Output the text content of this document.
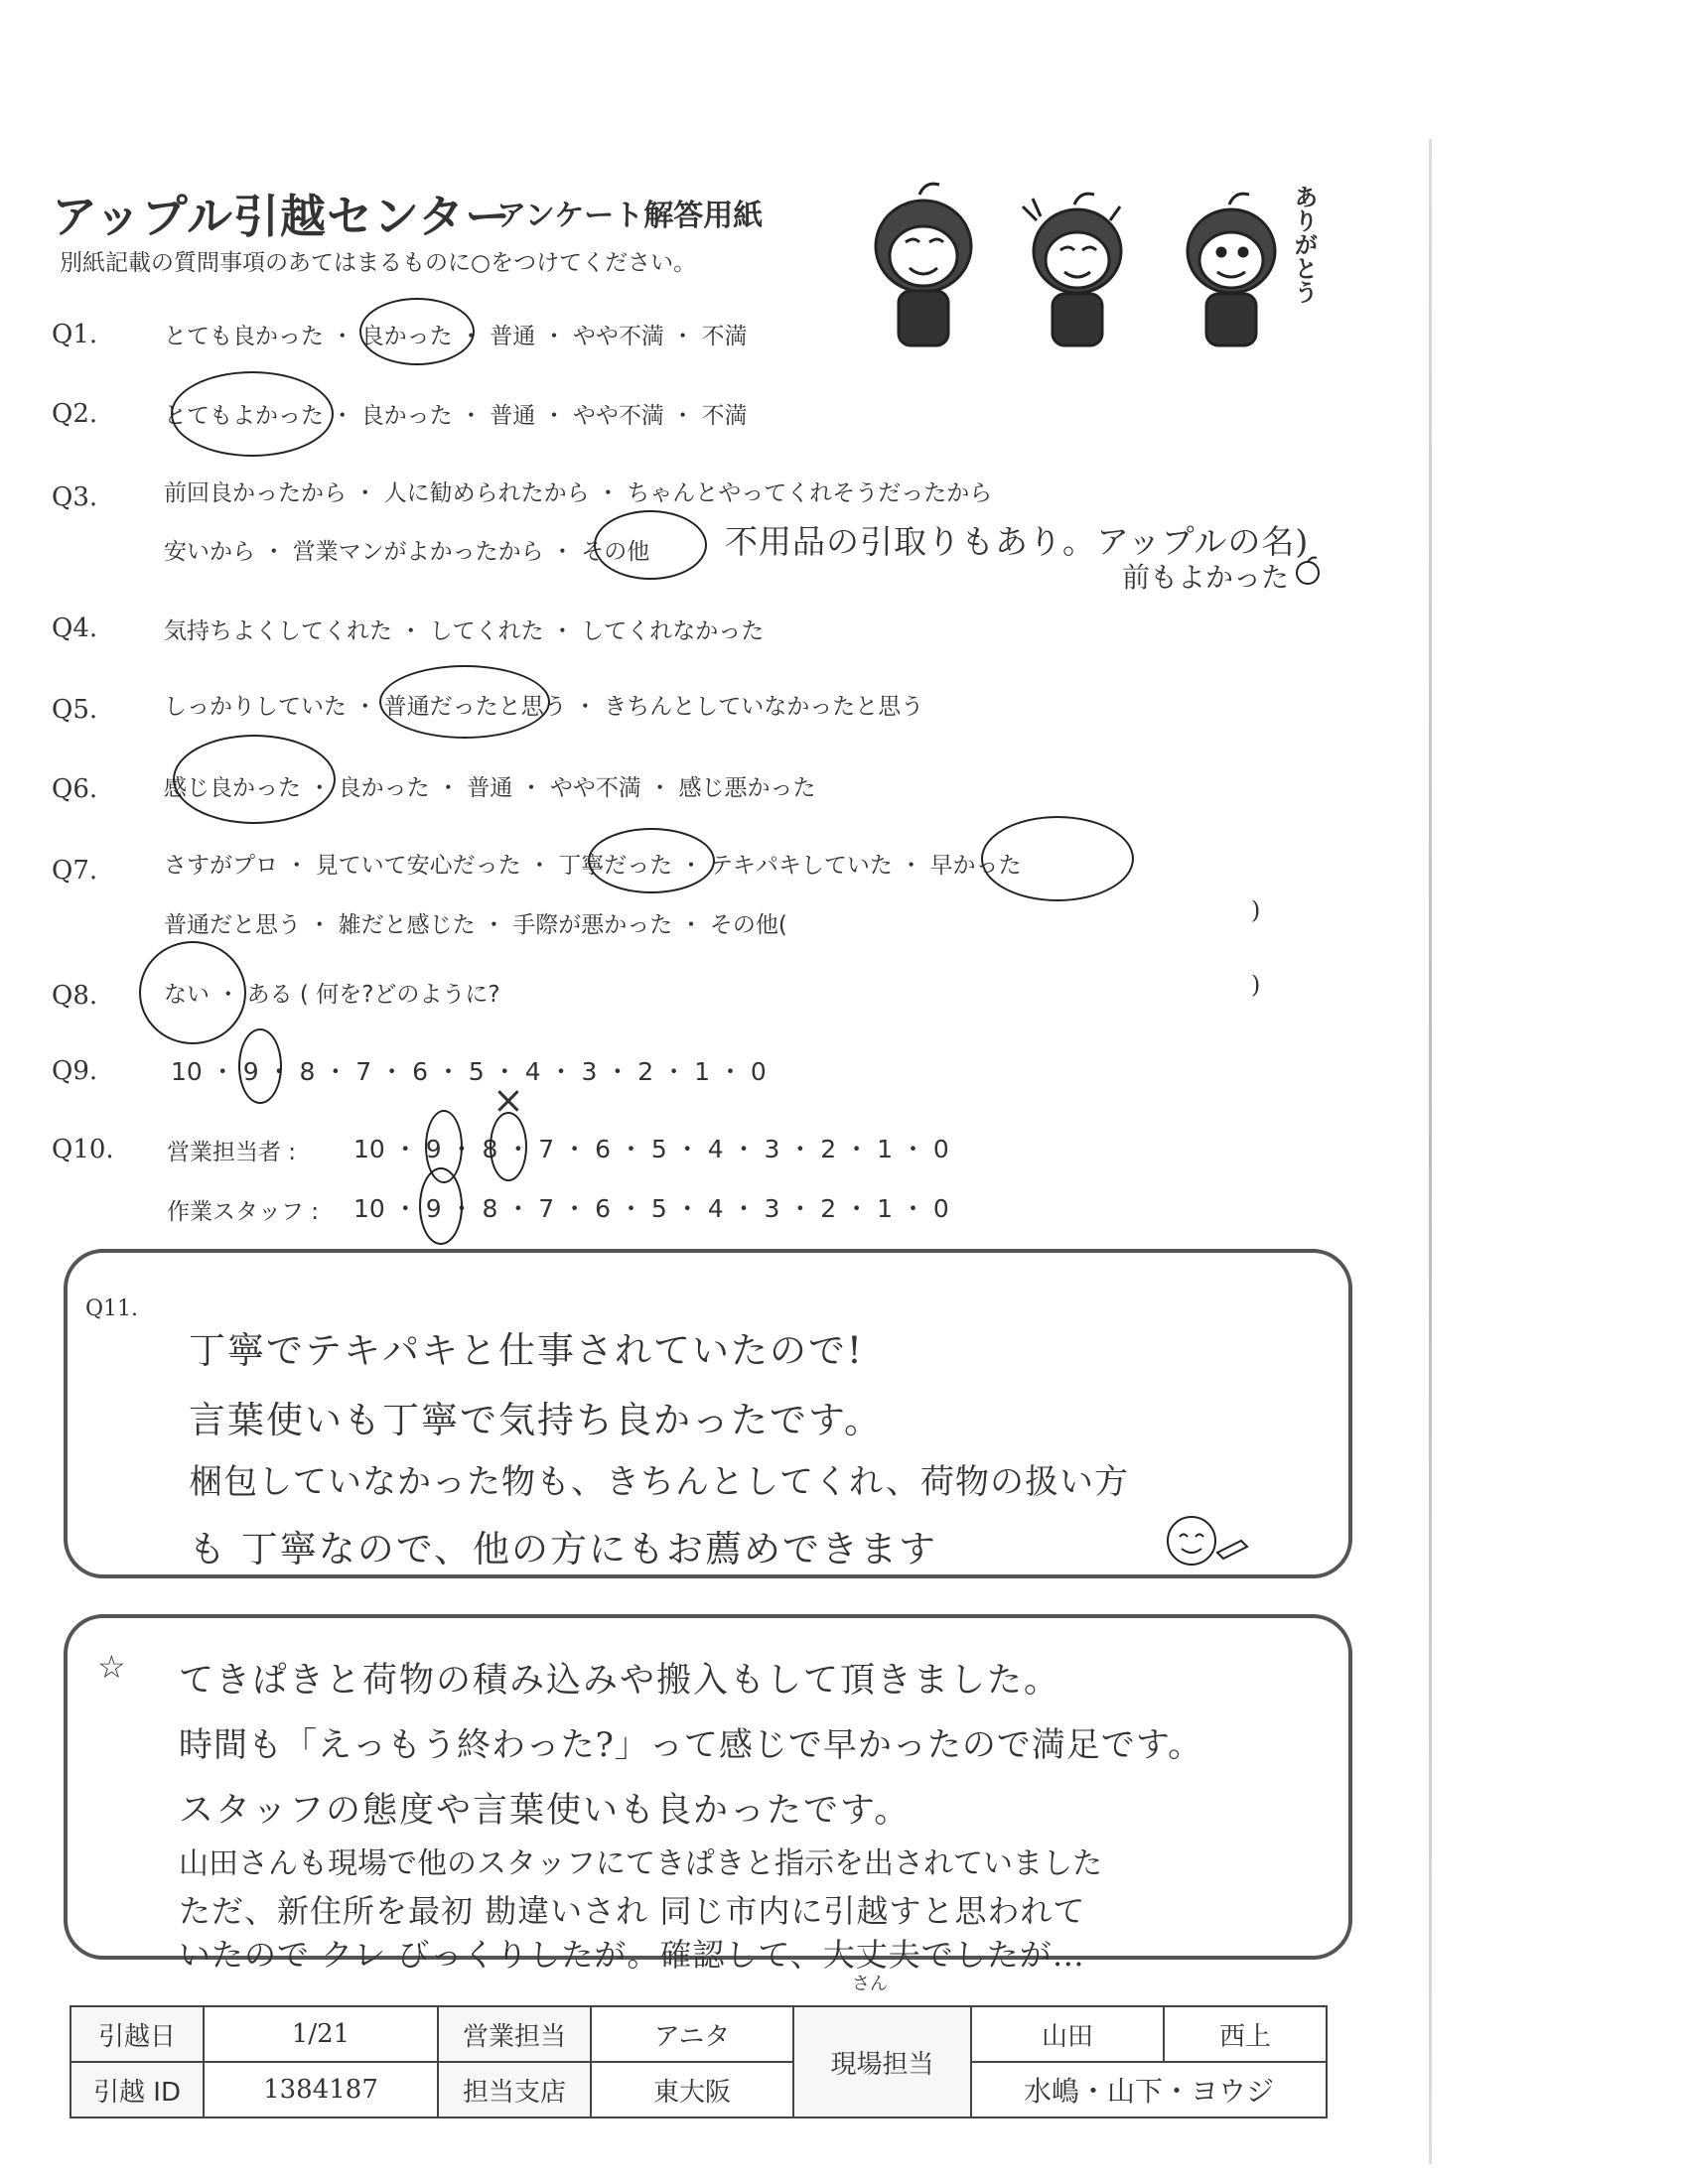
アップル引越センター
アンケート解答用紙
別紙記載の質問事項のあてはまるものに○をつけてください。	ありがとう
Q1.	とても良かった ・ 良かった ・ 普通 ・ やや不満 ・ 不満
Q2.	とてもよかった ・ 良かった ・ 普通 ・ やや不満 ・ 不満
Q3.	前回良かったから ・ 人に勧められたから ・ ちゃんとやってくれそうだったから
安いから ・ 営業マンがよかったから ・ その他 不用品の引取りもあり。アップルの名)
前もよかった
Q4.	気持ちよくしてくれた ・ してくれた ・ してくれなかった
Q5.	しっかりしていた ・ 普通だったと思う ・ きちんとしていなかったと思う
Q6.	感じ良かった ・ 良かった ・ 普通 ・ やや不満 ・ 感じ悪かった
Q7.	さすがプロ ・ 見ていて安心だった ・ 丁寧だった ・ テキパキしていた ・ 早かった
普通だと思う ・ 雑だと感じた ・ 手際が悪かった ・ その他(
)
Q8.	ない ・ ある ( 何を?どのように?	)
Q9.	10 ・ 9 ・ 8 ・ 7 ・ 6 ・ 5 ・ 4 ・ 3 ・ 2 ・ 1 ・ 0
Q10. 営業担当者 : 10 ・ 9 ・ 8 ・ 7 ・ 6 ・ 5 ・ 4 ・ 3 ・ 2 ・ 1 ・ 0
作業スタッフ : 10 ・ 9 ・ 8 ・ 7 ・ 6 ・ 5 ・ 4 ・ 3 ・ 2 ・ 1 ・ 0
×
Q11.
丁寧でテキパキと仕事されていたので!
言葉使いも丁寧で気持ち良かったです。
梱包していなかった物も、きちんとしてくれ、荷物の扱い方
も 丁寧なので、他の方にもお薦めできます
☆ てきぱきと荷物の積み込みや搬入もして頂きました。
時間も「えっもう終わった?」って感じで早かったので満足です。
スタッフの態度や言葉使いも良かったです。
山田さんも現場で他のスタッフにてきぱきと指示を出されていました
ただ、新住所を最初 勘違いされ 同じ市内に引越すと思われて
いたので クレ びっくりしたが。確認して、大丈夫でしたが…
さん
引越日	1/21	営業担当	アニタ	現場担当	山田	西上
引越 ID	1384187	担当支店	東大阪		水嶋・山下・ヨウジ	
